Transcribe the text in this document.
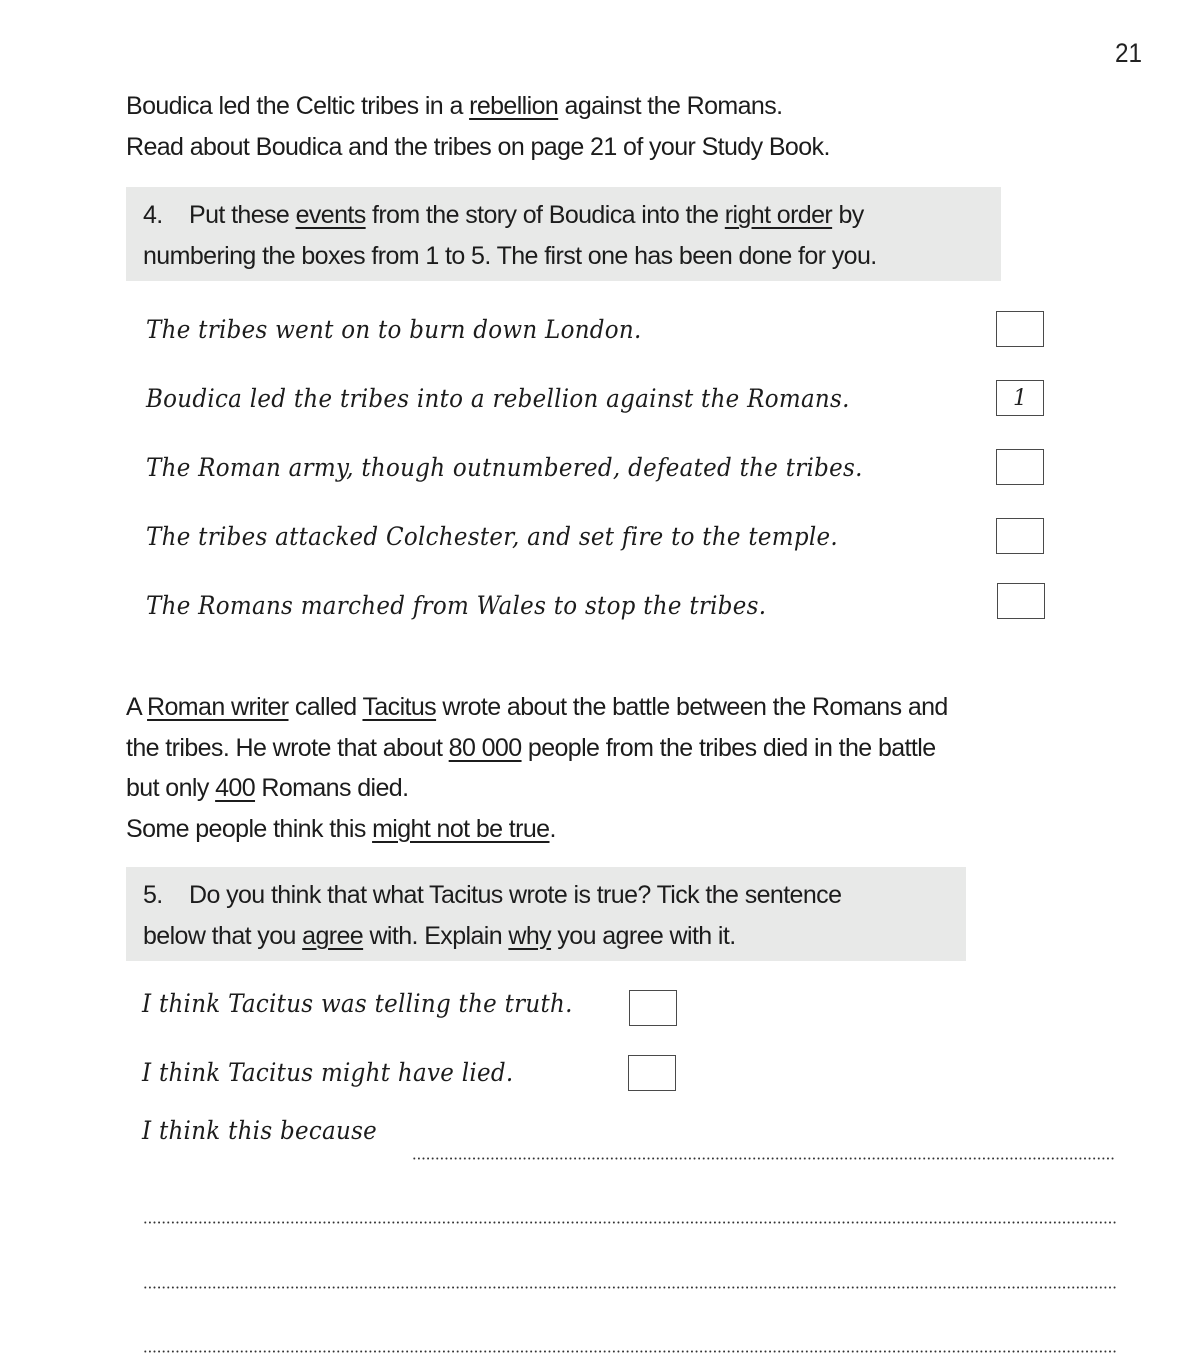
21
Boudica led the Celtic tribes in a rebellion against the Romans.
Read about Boudica and the tribes on page 21 of your Study Book.
4. Put these events from the story of Boudica into the right order by
numbering the boxes from 1 to 5. The first one has been done for you.
The tribes went on to burn down London.
Boudica led the tribes into a rebellion against the Romans.	1
The Roman army, though outnumbered, defeated the tribes.
The tribes attacked Colchester, and set fire to the temple.
The Romans marched from Wales to stop the tribes.
A Roman writer called Tacitus wrote about the battle between the Romans and
the tribes. He wrote that about 80 000 people from the tribes died in the battle
but only 400 Romans died.
Some people think this might not be true.
5. Do you think that what Tacitus wrote is true? Tick the sentence
below that you agree with. Explain why you agree with it.
I think Tacitus was telling the truth.
I think Tacitus might have lied.
I think this because
